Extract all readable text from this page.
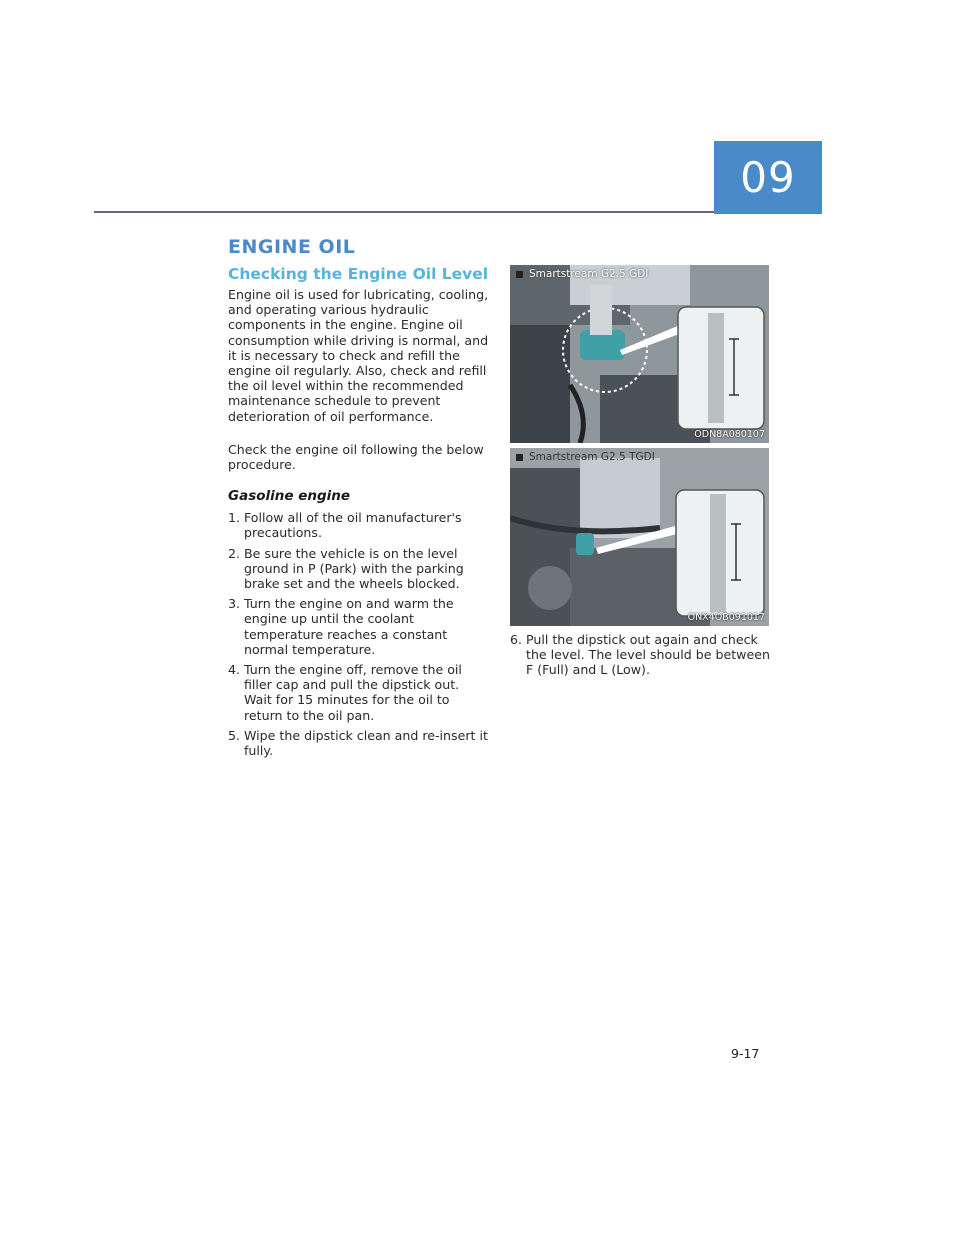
09
ENGINE OIL
Checking the Engine Oil Level

Engine oil is used for lubricating, cooling, and operating various hydraulic components in the engine. Engine oil consumption while driving is normal, and it is necessary to check and refill the engine oil regularly. Also, check and refill the oil level within the recommended maintenance schedule to prevent deterioration of oil performance.

Check the engine oil following the below procedure.

Gasoline engine
1. Follow all of the oil manufacturer's precautions.
2. Be sure the vehicle is on the level ground in P (Park) with the parking brake set and the wheels blocked.
3. Turn the engine on and warm the engine up until the coolant temperature reaches a constant normal temperature.
4. Turn the engine off, remove the oil filler cap and pull the dipstick out. Wait for 15 minutes for the oil to return to the oil pan.
5. Wipe the dipstick clean and re-insert it fully.
ODN8A080107
Smartstream G2.5 GDI
Smartstream G2.5 TGDI
ONX4OB091017
6. Pull the dipstick out again and check the level. The level should be between F (Full) and L (Low).
9-17
